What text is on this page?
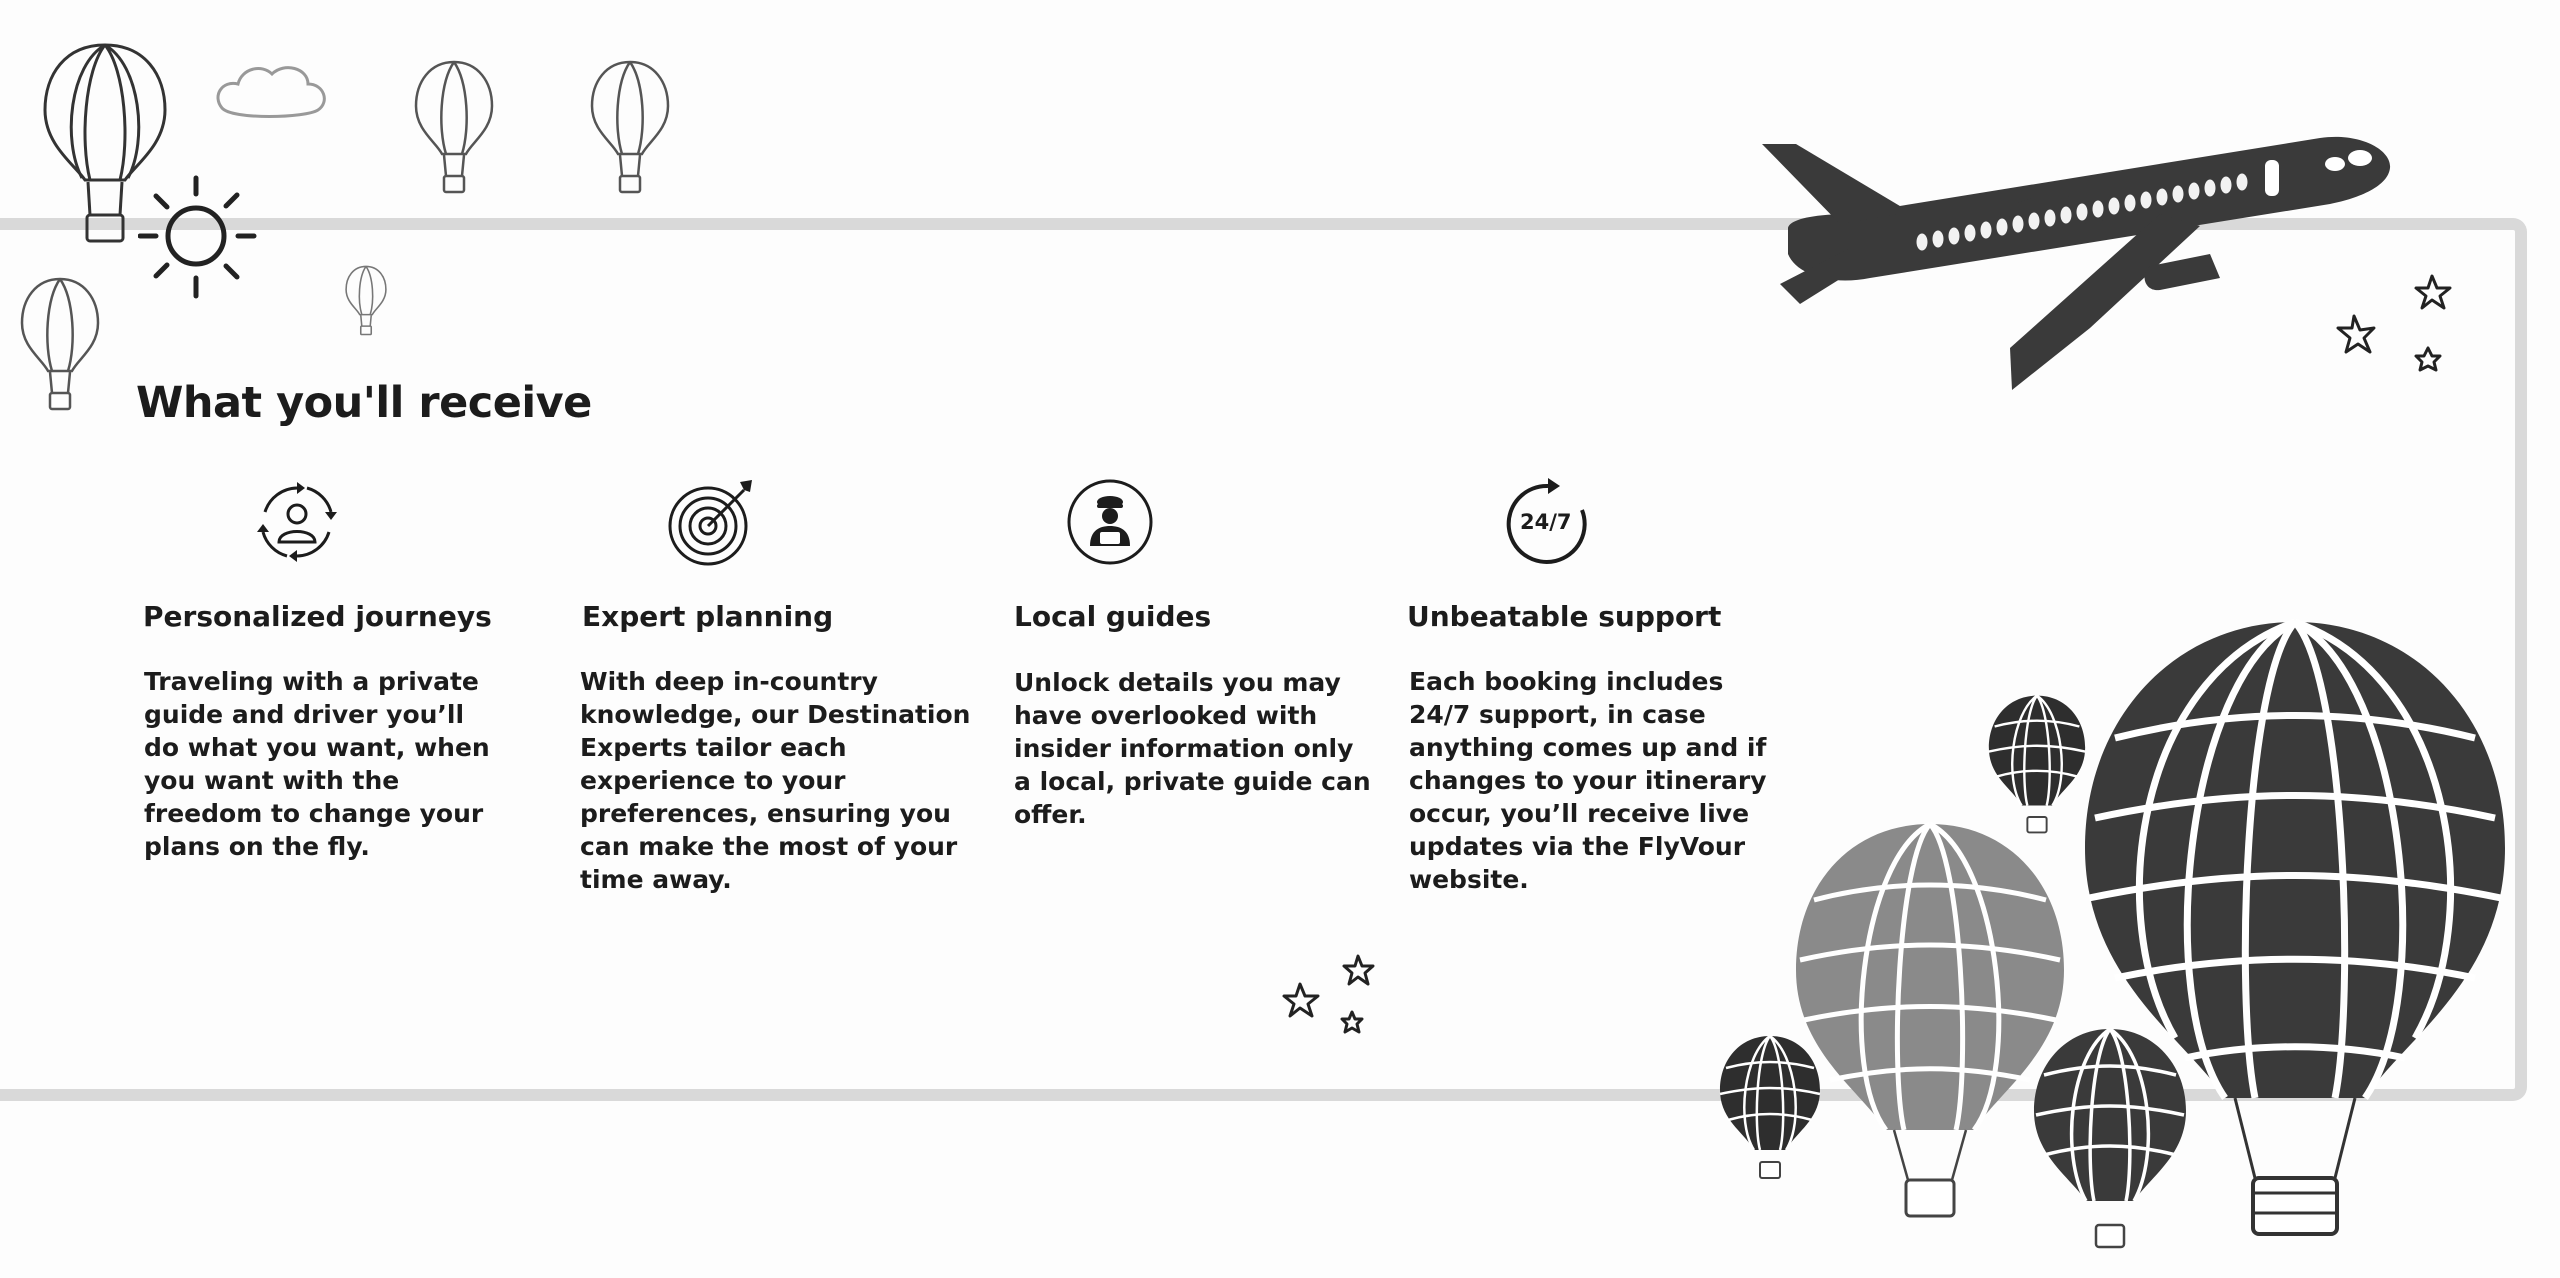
What you'll receive
Personalized journeys
Traveling with a private
guide and driver you’ll
do what you want, when
you want with the
freedom to change your
plans on the fly.
Expert planning
With deep in-country
knowledge, our Destination
Experts tailor each
experience to your
preferences, ensuring you
can make the most of your
time away.
Local guides
Unlock details you may
have overlooked with
insider information only
a local, private guide can
offer.
24/7
Unbeatable support
Each booking includes
24/7 support, in case
anything comes up and if
changes to your itinerary
occur, you’ll receive live
updates via the FlyVour
website.
